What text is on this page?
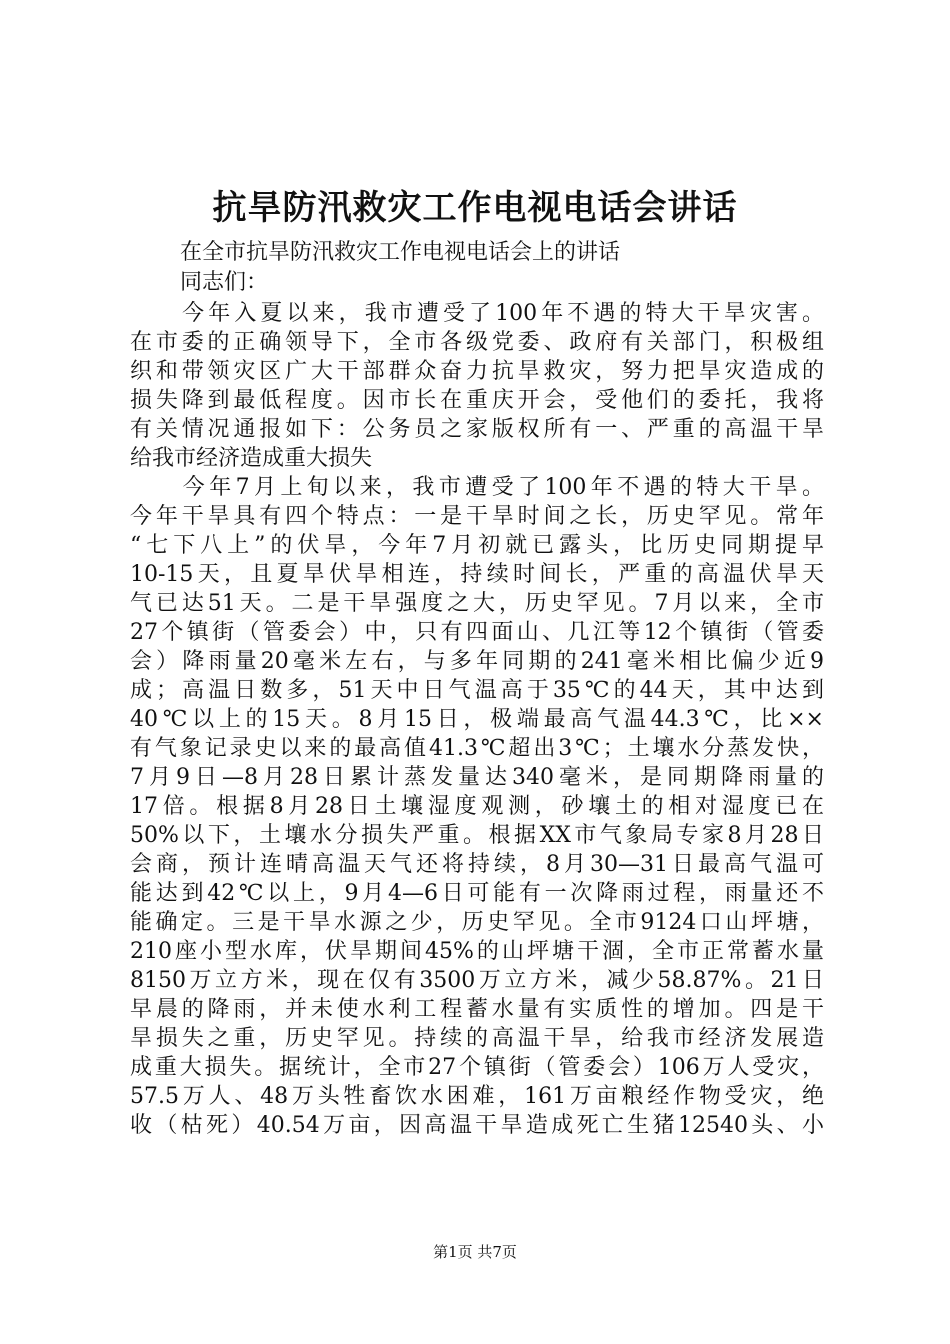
抗旱防汛救灾工作电视电话会讲话
在全市抗旱防汛救灾工作电视电话会上的讲话
同志们：
　　今年入夏以来，我市遭受了100年不遇的特大干旱灾害。
在市委的正确领导下，全市各级党委、政府有关部门，积极组
织和带领灾区广大干部群众奋力抗旱救灾，努力把旱灾造成的
损失降到最低程度。因市长在重庆开会，受他们的委托，我将
有关情况通报如下：公务员之家版权所有一、严重的高温干旱
给我市经济造成重大损失
　　今年7月上旬以来，我市遭受了100年不遇的特大干旱。
今年干旱具有四个特点：一是干旱时间之长，历史罕见。常年
“七下八上”的伏旱，今年7月初就已露头，比历史同期提早
10-15天，且夏旱伏旱相连，持续时间长，严重的高温伏旱天
气已达51天。二是干旱强度之大，历史罕见。7月以来，全市
27个镇街（管委会）中，只有四面山、几江等12个镇街（管委
会）降雨量20毫米左右，与多年同期的241毫米相比偏少近9
成；高温日数多，51天中日气温高于35℃的44天，其中达到
40℃以上的15天。8月15日，极端最高气温44.3℃，比××
有气象记录史以来的最高值41.3℃超出3℃；土壤水分蒸发快，
7月9日—8月28日累计蒸发量达340毫米，是同期降雨量的
17倍。根据8月28日土壤湿度观测，砂壤土的相对湿度已在
50%以下，土壤水分损失严重。根据XX市气象局专家8月28日
会商，预计连晴高温天气还将持续，8月30—31日最高气温可
能达到42℃以上，9月4—6日可能有一次降雨过程，雨量还不
能确定。三是干旱水源之少，历史罕见。全市9124口山坪塘，
210座小型水库，伏旱期间45%的山坪塘干涸，全市正常蓄水量
8150万立方米，现在仅有3500万立方米，减少58.87%。21日
早晨的降雨，并未使水利工程蓄水量有实质性的增加。四是干
旱损失之重，历史罕见。持续的高温干旱，给我市经济发展造
成重大损失。据统计，全市27个镇街（管委会）106万人受灾，
57.5万人、48万头牲畜饮水困难，161万亩粮经作物受灾，绝
收（枯死）40.54万亩，因高温干旱造成死亡生猪12540头、小
第1页 共7页
